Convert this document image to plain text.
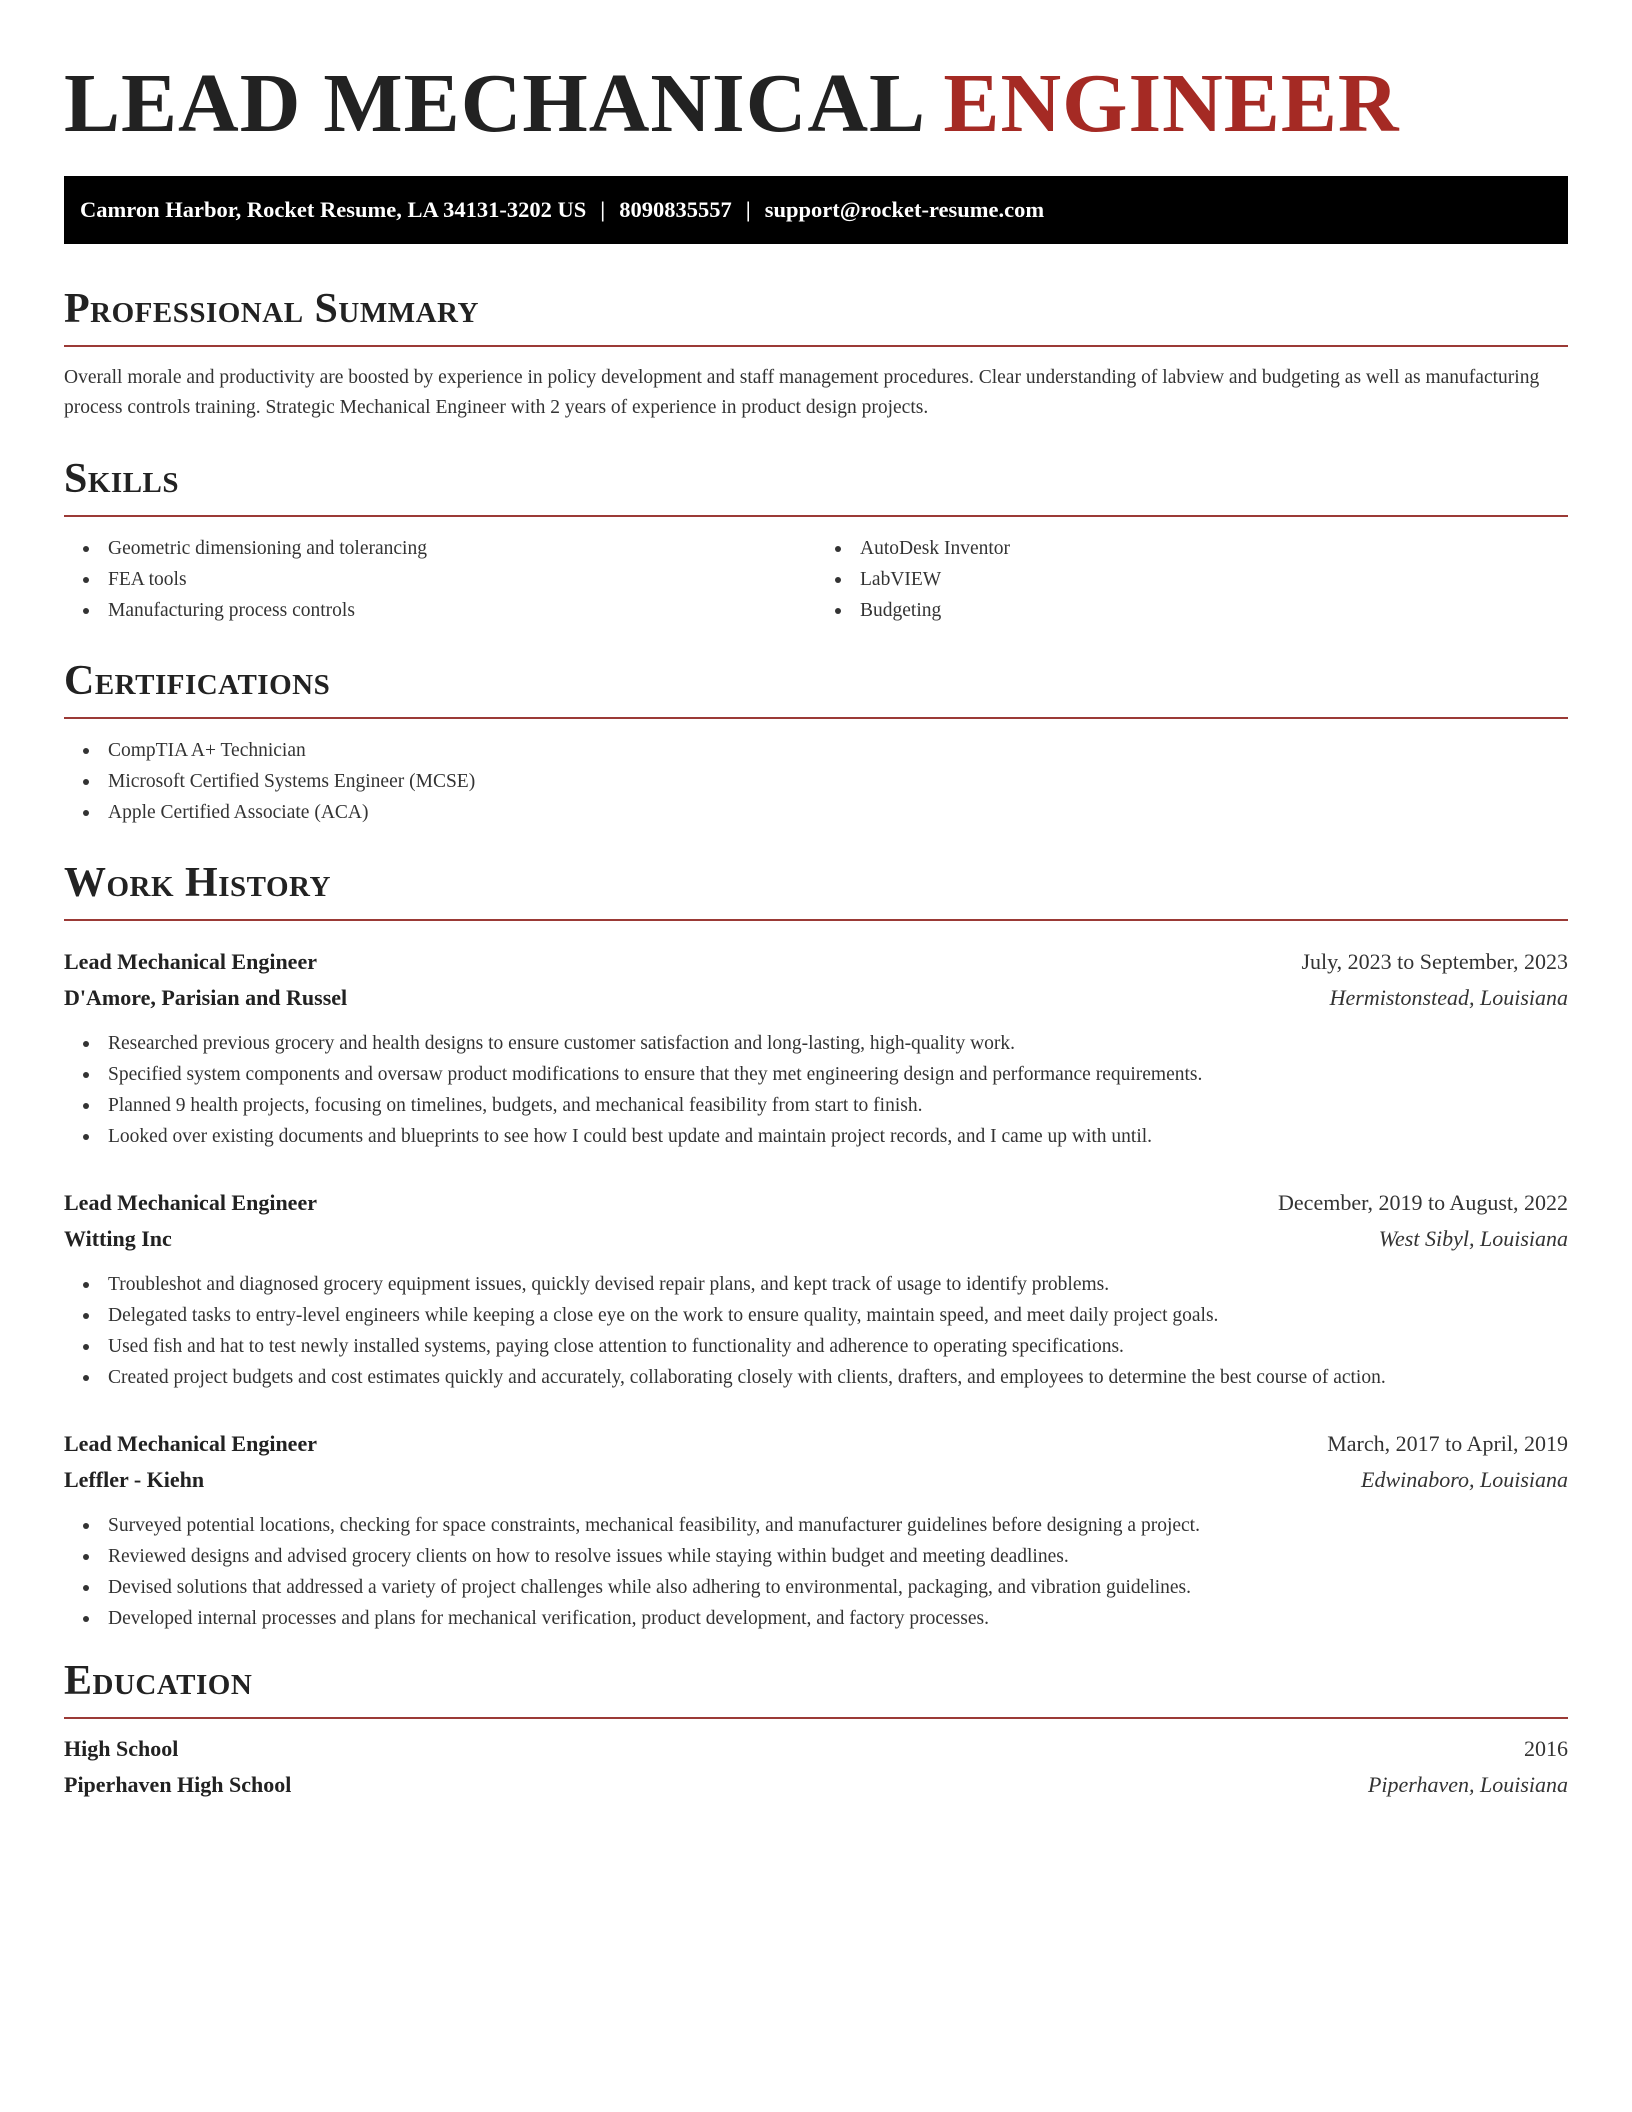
LEAD MECHANICAL ENGINEER
Camron Harbor, Rocket Resume, LA 34131-3202 US | 8090835557 | support@rocket-resume.com
Professional Summary

Overall morale and productivity are boosted by experience in policy development and staff management procedures. Clear understanding of labview and budgeting as well as manufacturing process controls training. Strategic Mechanical Engineer with 2 years of experience in product design projects.

Skills
Geometric dimensioning and tolerancing
FEA tools
Manufacturing process controls
AutoDesk Inventor
LabVIEW
Budgeting
Certifications
CompTIA A+ Technician
Microsoft Certified Systems Engineer (MCSE)
Apple Certified Associate (ACA)
Work History
Lead Mechanical Engineer	July, 2023 to September, 2023
D'Amore, Parisian and Russel	Hermistonstead, Louisiana
Researched previous grocery and health designs to ensure customer satisfaction and long-lasting, high-quality work.
Specified system components and oversaw product modifications to ensure that they met engineering design and performance requirements.
Planned 9 health projects, focusing on timelines, budgets, and mechanical feasibility from start to finish.
Looked over existing documents and blueprints to see how I could best update and maintain project records, and I came up with until.
Lead Mechanical Engineer	December, 2019 to August, 2022
Witting Inc	West Sibyl, Louisiana
Troubleshot and diagnosed grocery equipment issues, quickly devised repair plans, and kept track of usage to identify problems.
Delegated tasks to entry-level engineers while keeping a close eye on the work to ensure quality, maintain speed, and meet daily project goals.
Used fish and hat to test newly installed systems, paying close attention to functionality and adherence to operating specifications.
Created project budgets and cost estimates quickly and accurately, collaborating closely with clients, drafters, and employees to determine the best course of action.
Lead Mechanical Engineer	March, 2017 to April, 2019
Leffler - Kiehn	Edwinaboro, Louisiana
Surveyed potential locations, checking for space constraints, mechanical feasibility, and manufacturer guidelines before designing a project.
Reviewed designs and advised grocery clients on how to resolve issues while staying within budget and meeting deadlines.
Devised solutions that addressed a variety of project challenges while also adhering to environmental, packaging, and vibration guidelines.
Developed internal processes and plans for mechanical verification, product development, and factory processes.
Education
High School	2016
Piperhaven High School	Piperhaven, Louisiana
